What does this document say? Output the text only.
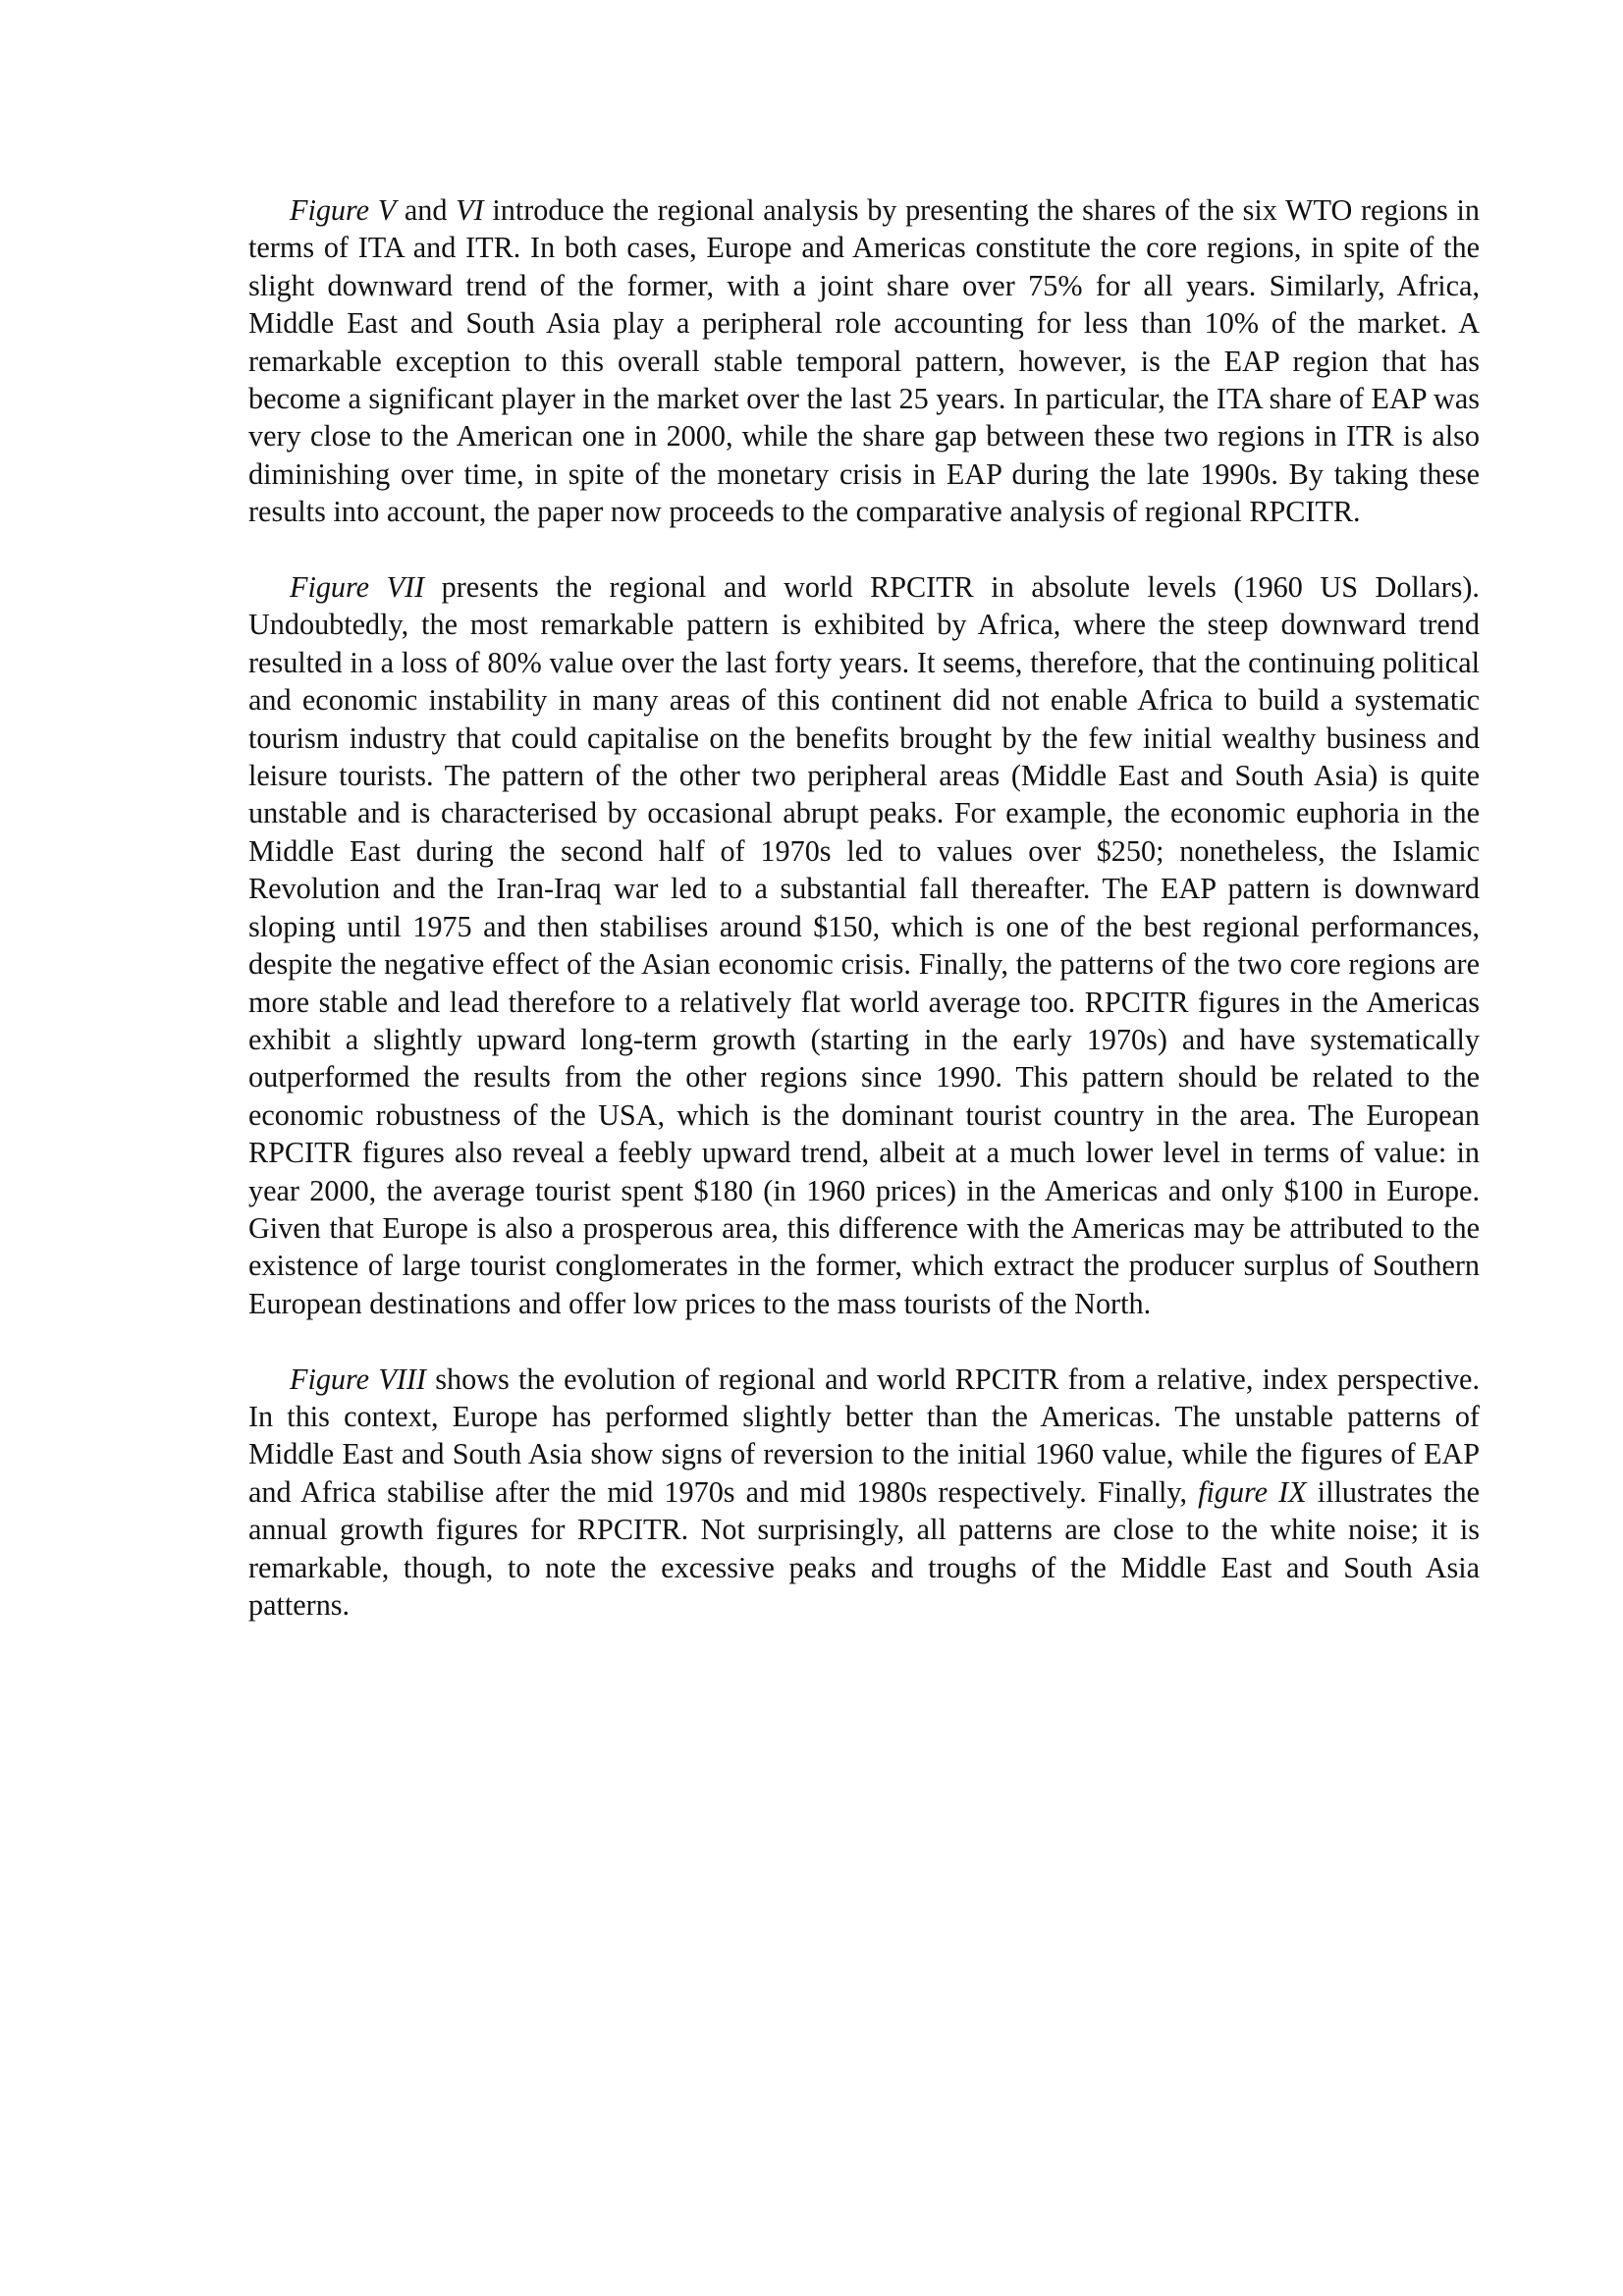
Figure V and VI introduce the regional analysis by presenting the shares of the six WTO regions in terms of ITA and ITR. In both cases, Europe and Americas constitute the core regions, in spite of the slight downward trend of the former, with a joint share over 75% for all years. Similarly, Africa, Middle East and South Asia play a peripheral role accounting for less than 10% of the market. A remarkable exception to this overall stable temporal pattern, however, is the EAP region that has become a significant player in the market over the last 25 years. In particular, the ITA share of EAP was very close to the American one in 2000, while the share gap between these two regions in ITR is also diminishing over time, in spite of the monetary crisis in EAP during the late 1990s. By taking these results into account, the paper now proceeds to the comparative analysis of regional RPCITR.

Figure VII presents the regional and world RPCITR in absolute levels (1960 US Dollars). Undoubtedly, the most remarkable pattern is exhibited by Africa, where the steep downward trend resulted in a loss of 80% value over the last forty years. It seems, therefore, that the continuing political and economic instability in many areas of this continent did not enable Africa to build a systematic tourism industry that could capitalise on the benefits brought by the few initial wealthy business and leisure tourists. The pattern of the other two peripheral areas (Middle East and South Asia) is quite unstable and is characterised by occasional abrupt peaks. For example, the economic euphoria in the Middle East during the second half of 1970s led to values over $250; nonetheless, the Islamic Revolution and the Iran-Iraq war led to a substantial fall thereafter. The EAP pattern is downward sloping until 1975 and then stabilises around $150, which is one of the best regional performances, despite the negative effect of the Asian economic crisis. Finally, the patterns of the two core regions are more stable and lead therefore to a relatively flat world average too. RPCITR figures in the Americas exhibit a slightly upward long-term growth (starting in the early 1970s) and have systematically outperformed the results from the other regions since 1990. This pattern should be related to the economic robustness of the USA, which is the dominant tourist country in the area. The European RPCITR figures also reveal a feebly upward trend, albeit at a much lower level in terms of value: in year 2000, the average tourist spent $180 (in 1960 prices) in the Americas and only $100 in Europe. Given that Europe is also a prosperous area, this difference with the Americas may be attributed to the existence of large tourist conglomerates in the former, which extract the producer surplus of Southern European destinations and offer low prices to the mass tourists of the North.

Figure VIII shows the evolution of regional and world RPCITR from a relative, index perspective. In this context, Europe has performed slightly better than the Americas. The unstable patterns of Middle East and South Asia show signs of reversion to the initial 1960 value, while the figures of EAP and Africa stabilise after the mid 1970s and mid 1980s respectively. Finally, figure IX illustrates the annual growth figures for RPCITR. Not surprisingly, all patterns are close to the white noise; it is remarkable, though, to note the excessive peaks and troughs of the Middle East and South Asia patterns.
